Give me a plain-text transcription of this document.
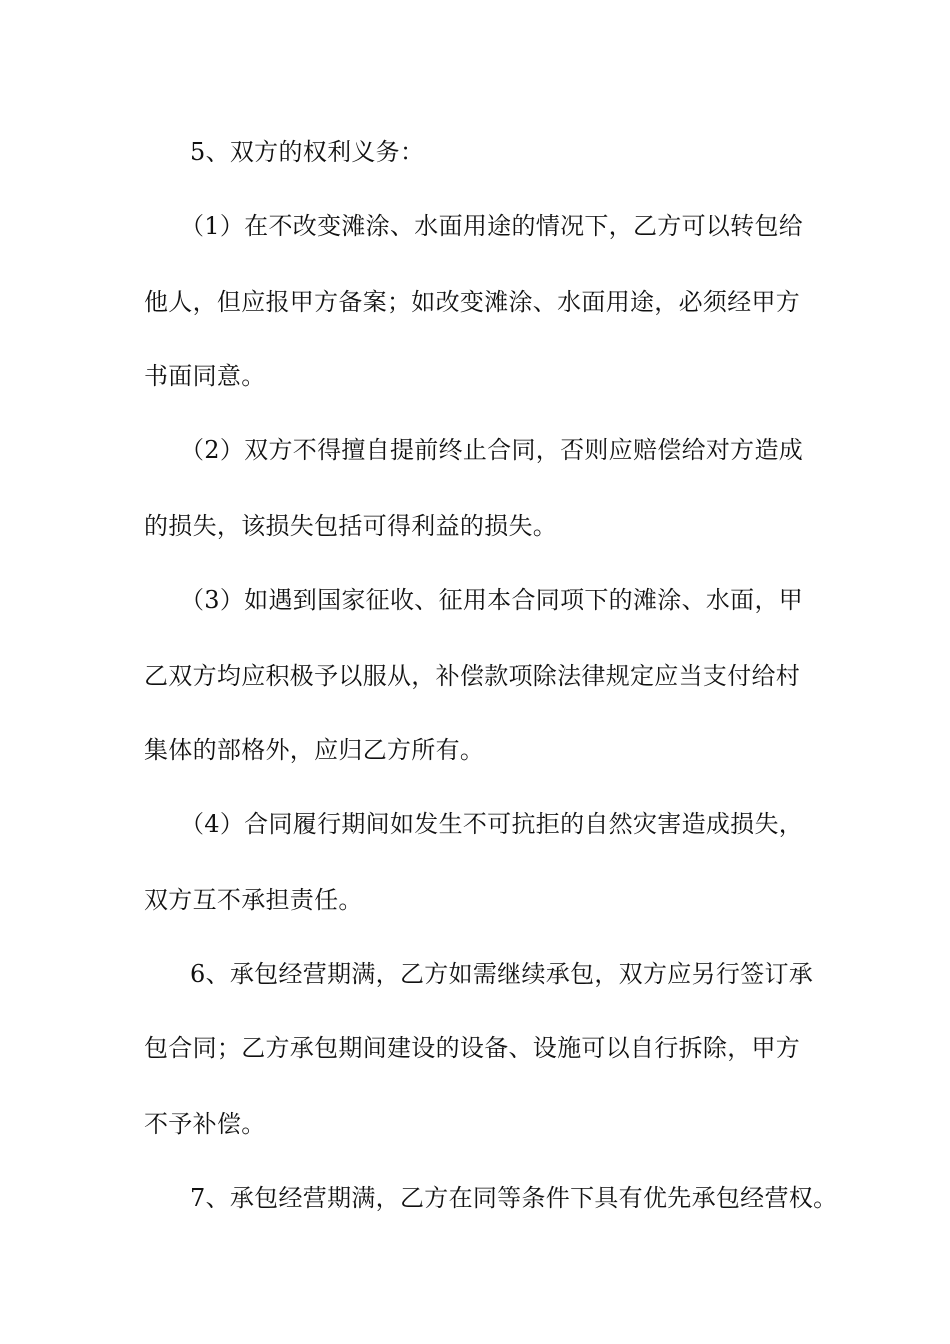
5、双方的权利义务：
（1）在不改变滩涂、水面用途的情况下，乙方可以转包给
他人，但应报甲方备案；如改变滩涂、水面用途，必须经甲方
书面同意。
（2）双方不得擅自提前终止合同，否则应赔偿给对方造成
的损失，该损失包括可得利益的损失。
（3）如遇到国家征收、征用本合同项下的滩涂、水面，甲
乙双方均应积极予以服从，补偿款项除法律规定应当支付给村
集体的部格外，应归乙方所有。
（4）合同履行期间如发生不可抗拒的自然灾害造成损失，
双方互不承担责任。
6、承包经营期满，乙方如需继续承包，双方应另行签订承
包合同；乙方承包期间建设的设备、设施可以自行拆除，甲方
不予补偿。
7、承包经营期满，乙方在同等条件下具有优先承包经营权。
